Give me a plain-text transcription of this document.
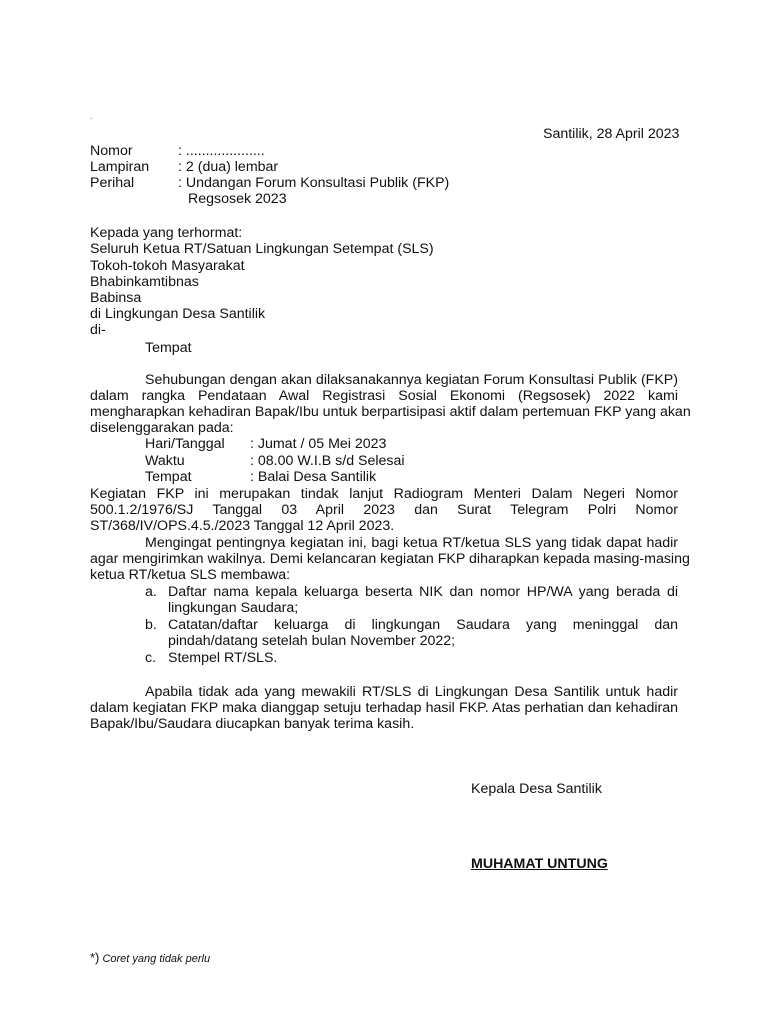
.
Santilik, 28 April 2023
Nomor	: ....................
Lampiran : 2 (dua) lembar
Perihal	: Undangan Forum Konsultasi Publik (FKP)
Regsosek 2023
Kepada yang terhormat:
Seluruh Ketua RT/Satuan Lingkungan Setempat (SLS)
Tokoh-tokoh Masyarakat
Bhabinkamtibnas
Babinsa
di Lingkungan Desa Santilik
di-
Tempat
Sehubungan dengan akan dilaksanakannya kegiatan Forum Konsultasi Publik (FKP)
dalam rangka Pendataan Awal Registrasi Sosial Ekonomi (Regsosek) 2022 kami
mengharapkan kehadiran Bapak/Ibu untuk berpartisipasi aktif dalam pertemuan FKP yang akan
diselenggarakan pada:
Hari/Tanggal : Jumat / 05 Mei 2023
Waktu	: 08.00 W.I.B s/d Selesai
Tempat	: Balai Desa Santilik
Kegiatan FKP ini merupakan tindak lanjut Radiogram Menteri Dalam Negeri Nomor
500.1.2/1976/SJ Tanggal 03 April 2023 dan Surat Telegram Polri Nomor
ST/368/IV/OPS.4.5./2023 Tanggal 12 April 2023.
Mengingat pentingnya kegiatan ini, bagi ketua RT/ketua SLS yang tidak dapat hadir
agar mengirimkan wakilnya. Demi kelancaran kegiatan FKP diharapkan kepada masing-masing
ketua RT/ketua SLS membawa:
a. Daftar nama kepala keluarga beserta NIK dan nomor HP/WA yang berada di lingkungan Saudara;
b. Catatan/daftar keluarga di lingkungan Saudara yang meninggal dan pindah/datang setelah bulan November 2022;
c. Stempel RT/SLS.
Apabila tidak ada yang mewakili RT/SLS di Lingkungan Desa Santilik untuk hadir
dalam kegiatan FKP maka dianggap setuju terhadap hasil FKP. Atas perhatian dan kehadiran
Bapak/Ibu/Saudara diucapkan banyak terima kasih.
Kepala Desa Santilik
MUHAMAT UNTUNG
*) Coret yang tidak perlu
